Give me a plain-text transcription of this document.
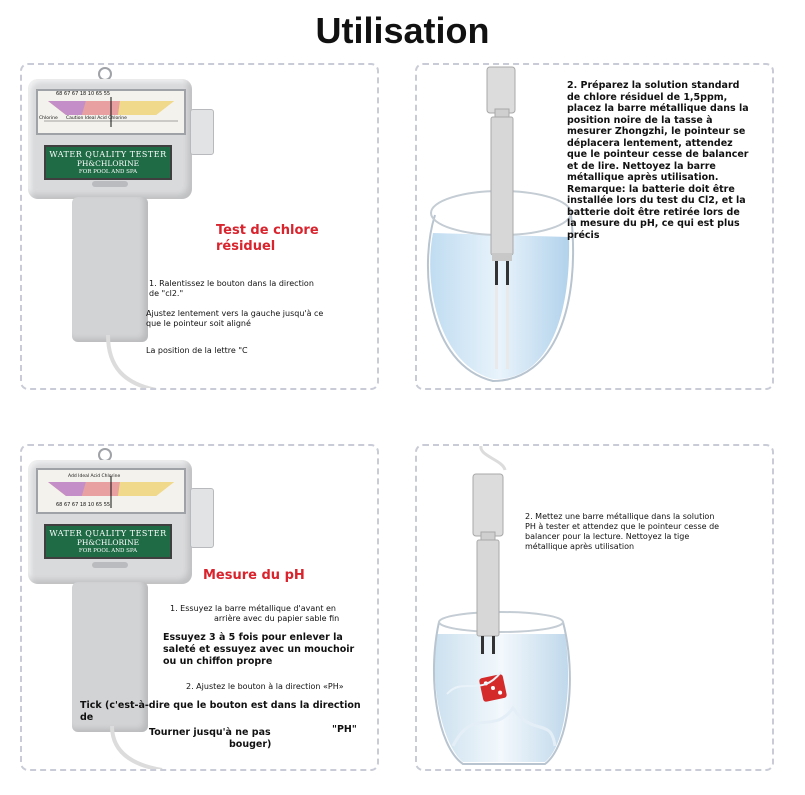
Utilisation
68 67 67 18 10 65 55
Caution Ideal Acid Chlorine
Chlorine
WATER QUALITY TESTER
PH&CHLORINE
FOR POOL AND SPA
Test de chlore
résiduel
1. Ralentissez le bouton dans la direction
de "cl2."
Ajustez lentement vers la gauche jusqu'à ce
que le pointeur soit aligné
La position de la lettre "C
2. Préparez la solution standard
de chlore résiduel de 1,5ppm,
placez la barre métallique dans la
position noire de la tasse à
mesurer Zhongzhi, le pointeur se
déplacera lentement, attendez
que le pointeur cesse de balancer
et de lire. Nettoyez la barre
métallique après utilisation.
Remarque: la batterie doit être
installée lors du test du Cl2, et la
batterie doit être retirée lors de
la mesure du pH, ce qui est plus
précis
Add Ideal Acid Chlorine
68 67 67 18 10 65 55
WATER QUALITY TESTER
PH&CHLORINE
FOR POOL AND SPA
Mesure du pH
1. Essuyez la barre métallique d'avant en
arrière avec du papier sable fin
Essuyez 3 à 5 fois pour enlever la
saleté et essuyez avec un mouchoir
ou un chiffon propre
2. Ajustez le bouton à la direction «PH»
Tick (c'est-à-dire que le bouton est dans la direction de
"PH"
Tourner jusqu'à ne pas
bouger)
2. Mettez une barre métallique dans la solution
PH à tester et attendez que le pointeur cesse de
balancer pour la lecture. Nettoyez la tige
métallique après utilisation
